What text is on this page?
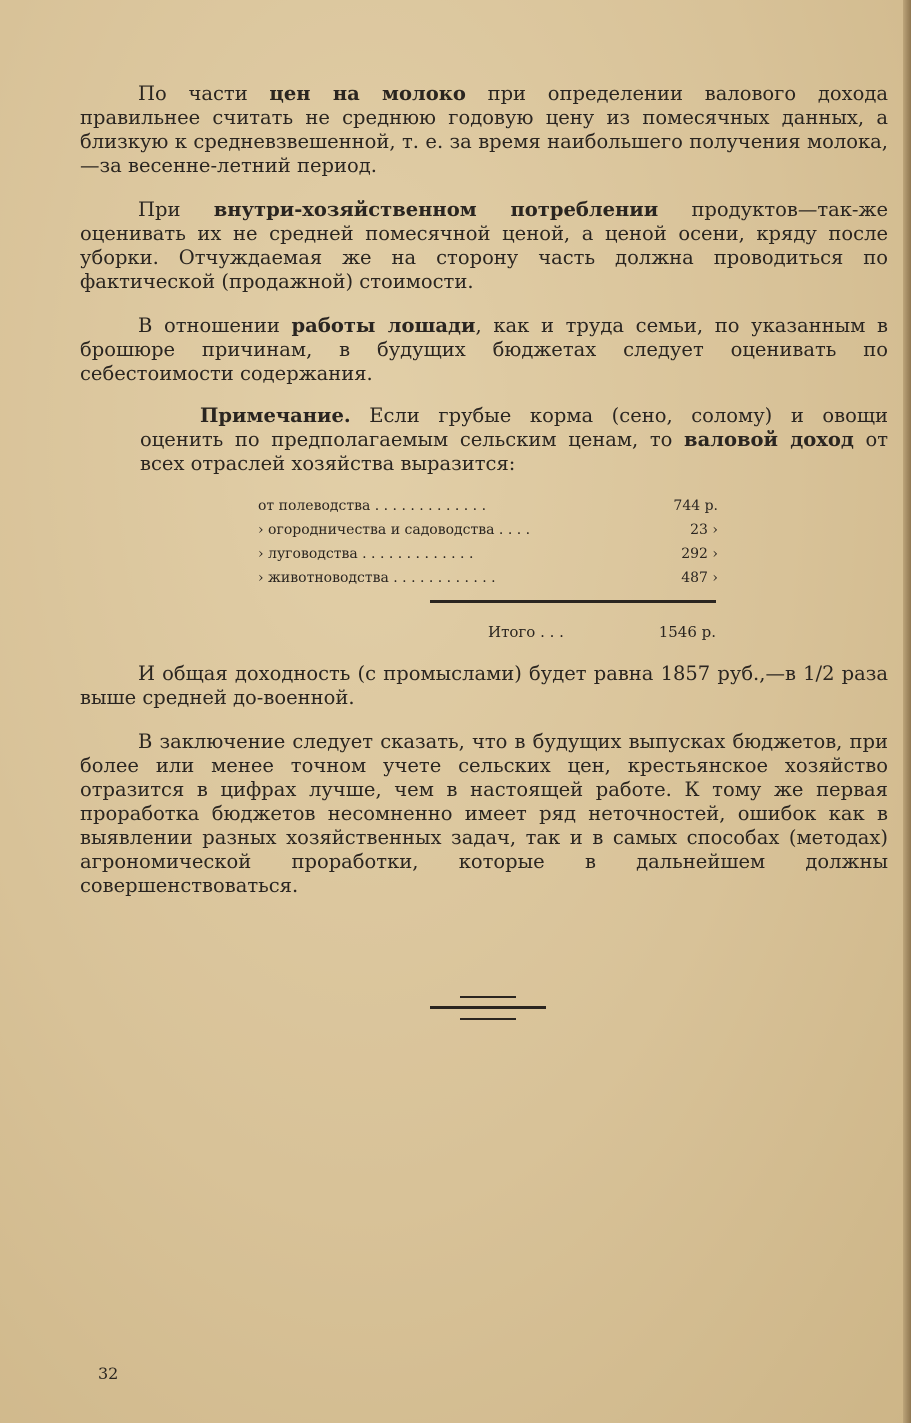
По части цен на молоко при определении валового дохода правильнее считать не среднюю годовую цену из помесячных данных, а близкую к средневзвешенной, т. е. за время наибольшего получения молока,—за весенне-летний период.

При внутри-хозяйственном потреблении продуктов—так-же оценивать их не средней помесячной ценой, а ценой осени, кряду после уборки. Отчуждаемая же на сторону часть должна проводиться по фактической (продажной) стоимости.

В отношении работы лошади, как и труда семьи, по указанным в брошюре причинам, в будущих бюджетах следует оценивать по себестоимости содержания.

Примечание. Если грубые корма (сено, солому) и овощи оценить по предполагаемым сельским ценам, то валовой доход от всех отраслей хозяйства выразится:

от полеводства . . . . . . . . . . . . .	744 р.
› огородничества и садоводства . . . .	23 ›
› луговодства . . . . . . . . . . . . .	292 ›
› животноводства . . . . . . . . . . . .	487 ›
Итого . . .	1546 р.

И общая доходность (с промыслами) будет равна 1857 руб.,—в 1/2 раза выше средней до-военной.

В заключение следует сказать, что в будущих выпусках бюджетов, при более или менее точном учете сельских цен, крестьянское хозяйство отразится в цифрах лучше, чем в настоящей работе. К тому же первая проработка бюджетов несомненно имеет ряд неточностей, ошибок как в выявлении разных хозяйственных задач, так и в самых способах (методах) агрономической проработки, которые в дальнейшем должны совершенствоваться.

32
